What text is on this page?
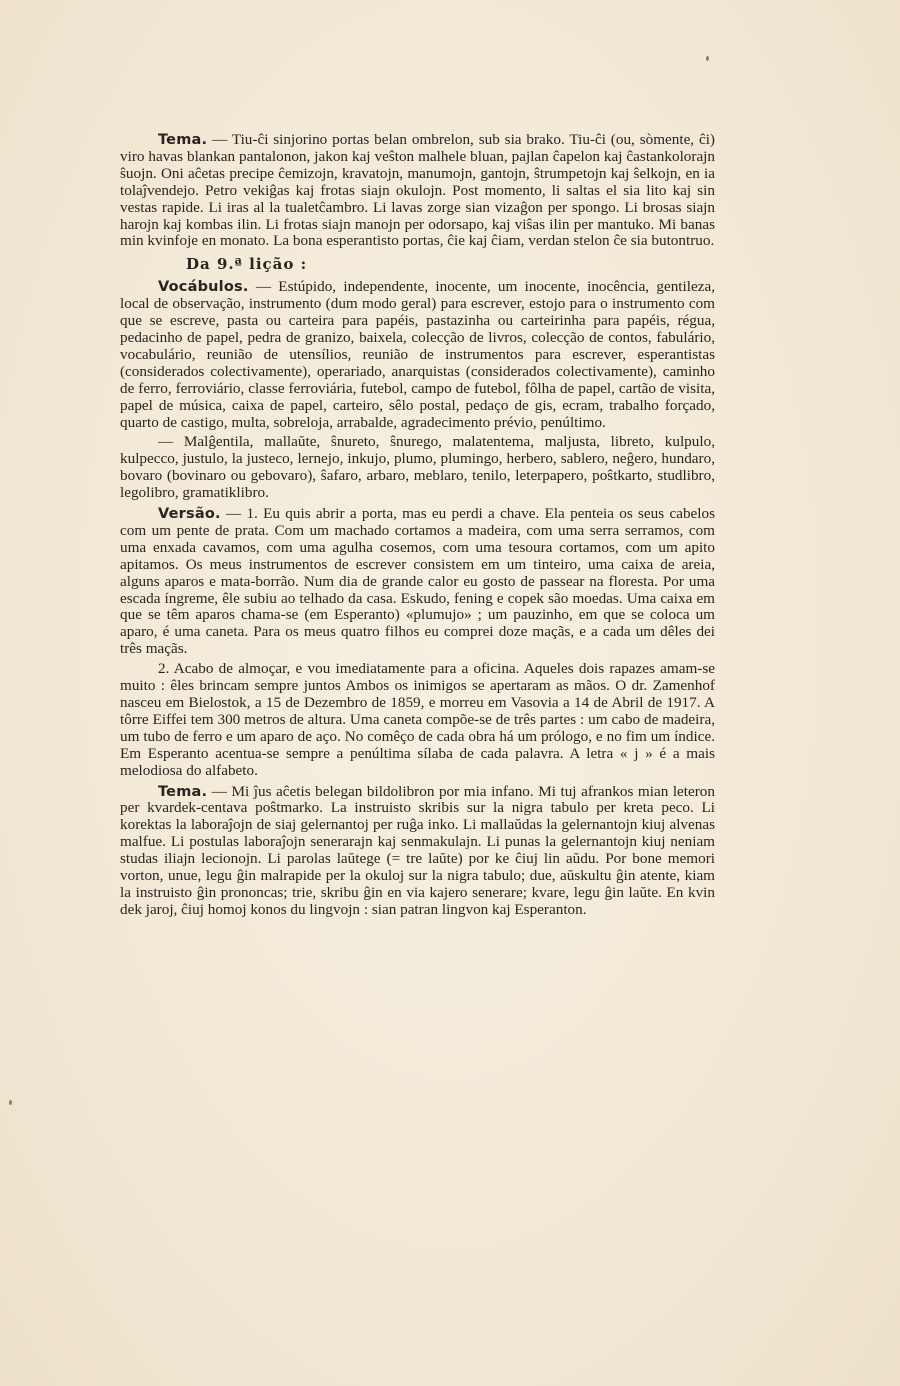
Tema. — Tiu-ĉi sinjorino portas belan ombrelon, sub sia brako. Tiu-ĉi (ou, sòmente, ĉi) viro havas blankan pantalonon, jakon kaj veŝton malhele bluan, pajlan ĉapelon kaj ĉastankolorajn ŝuojn. Oni aĉetas precipe ĉemizojn, kravatojn, manumojn, gantojn, ŝtrumpetojn kaj ŝelkojn, en ia tolaĵvendejo. Petro vekiĝas kaj frotas siajn okulojn. Post momento, li saltas el sia lito kaj sin vestas rapide. Li iras al la tualetĉambro. Li lavas zorge sian vizaĝon per spongo. Li brosas siajn harojn kaj kombas ilin. Li frotas siajn manojn per odorsapo, kaj viŝas ilin per mantuko. Mi banas min kvinfoje en monato. La bona esperantisto portas, ĉie kaj ĉiam, verdan stelon ĉe sia butontruo.

Da 9.ª lição :

Vocábulos. — Estúpido, independente, inocente, um inocente, inocência, gentileza, local de observação, instrumento (dum modo geral) para escrever, estojo para o instrumento com que se escreve, pasta ou carteira para papéis, pastazinha ou carteirinha para papéis, régua, pedacinho de papel, pedra de granizo, baixela, colecção de livros, colecção de contos, fabulário, vocabulário, reunião de utensílios, reunião de instrumentos para escrever, esperantistas (considerados colectivamente), operariado, anarquistas (considerados colectivamente), caminho de ferro, ferroviário, classe ferroviária, futebol, campo de futebol, fôlha de papel, cartão de visita, papel de música, caixa de papel, carteiro, sêlo postal, pedaço de gis, ecram, trabalho forçado, quarto de castigo, multa, sobreloja, arrabalde, agradecimento prévio, penúltimo.

— Malĝentila, mallaŭte, ŝnureto, ŝnurego, malatentema, maljusta, libreto, kulpulo, kulpecco, justulo, la justeco, lernejo, inkujo, plumo, plumingo, herbero, sablero, neĝero, hundaro, bovaro (bovinaro ou gebovaro), ŝafaro, arbaro, meblaro, tenilo, leterpapero, poŝtkarto, studlibro, legolibro, gramatiklibro.

Versão. — 1. Eu quis abrir a porta, mas eu perdi a chave. Ela penteia os seus cabelos com um pente de prata. Com um machado cortamos a madeira, com uma serra serramos, com uma enxada cavamos, com uma agulha cosemos, com uma tesoura cortamos, com um apito apitamos. Os meus instrumentos de escrever consistem em um tinteiro, uma caixa de areia, alguns aparos e mata-borrão. Num dia de grande calor eu gosto de passear na floresta. Por uma escada íngreme, êle subiu ao telhado da casa. Eskudo, fening e copek são moedas. Uma caixa em que se têm aparos chama-se (em Esperanto) «plumujo» ; um pauzinho, em que se coloca um aparo, é uma caneta. Para os meus quatro filhos eu comprei doze maçãs, e a cada um dêles dei três maçãs.

2. Acabo de almoçar, e vou imediatamente para a oficina. Aqueles dois rapazes amam-se muito : êles brincam sempre juntos Ambos os inimigos se apertaram as mãos. O dr. Zamenhof nasceu em Bielostok, a 15 de Dezembro de 1859, e morreu em Vasovia a 14 de Abril de 1917. A tôrre Eiffei tem 300 metros de altura. Uma caneta compõe-se de três partes : um cabo de madeira, um tubo de ferro e um aparo de aço. No comêço de cada obra há um prólogo, e no fim um índice. Em Esperanto acentua-se sempre a penúltima sílaba de cada palavra. A letra « j » é a mais melodiosa do alfabeto.

Tema. — Mi ĵus aĉetis belegan bildolibron por mia infano. Mi tuj afrankos mian leteron per kvardek-centava poŝtmarko. La instruisto skribis sur la nigra tabulo per kreta peco. Li korektas la laboraĵojn de siaj gelernantoj per ruĝa inko. Li mallaŭdas la gelernantojn kiuj alvenas malfue. Li postulas laboraĵojn senerarajn kaj senmakulajn. Li punas la gelernantojn kiuj neniam studas iliajn lecionojn. Li parolas laŭtege (= tre laŭte) por ke ĉiuj lin aŭdu. Por bone memori vorton, unue, legu ĝin malrapide per la okuloj sur la nigra tabulo; due, aŭskultu ĝin atente, kiam la instruisto ĝin prononcas; trie, skribu ĝin en via kajero senerare; kvare, legu ĝin laŭte. En kvin dek jaroj, ĉiuj homoj konos du lingvojn : sian patran lingvon kaj Esperanton.
